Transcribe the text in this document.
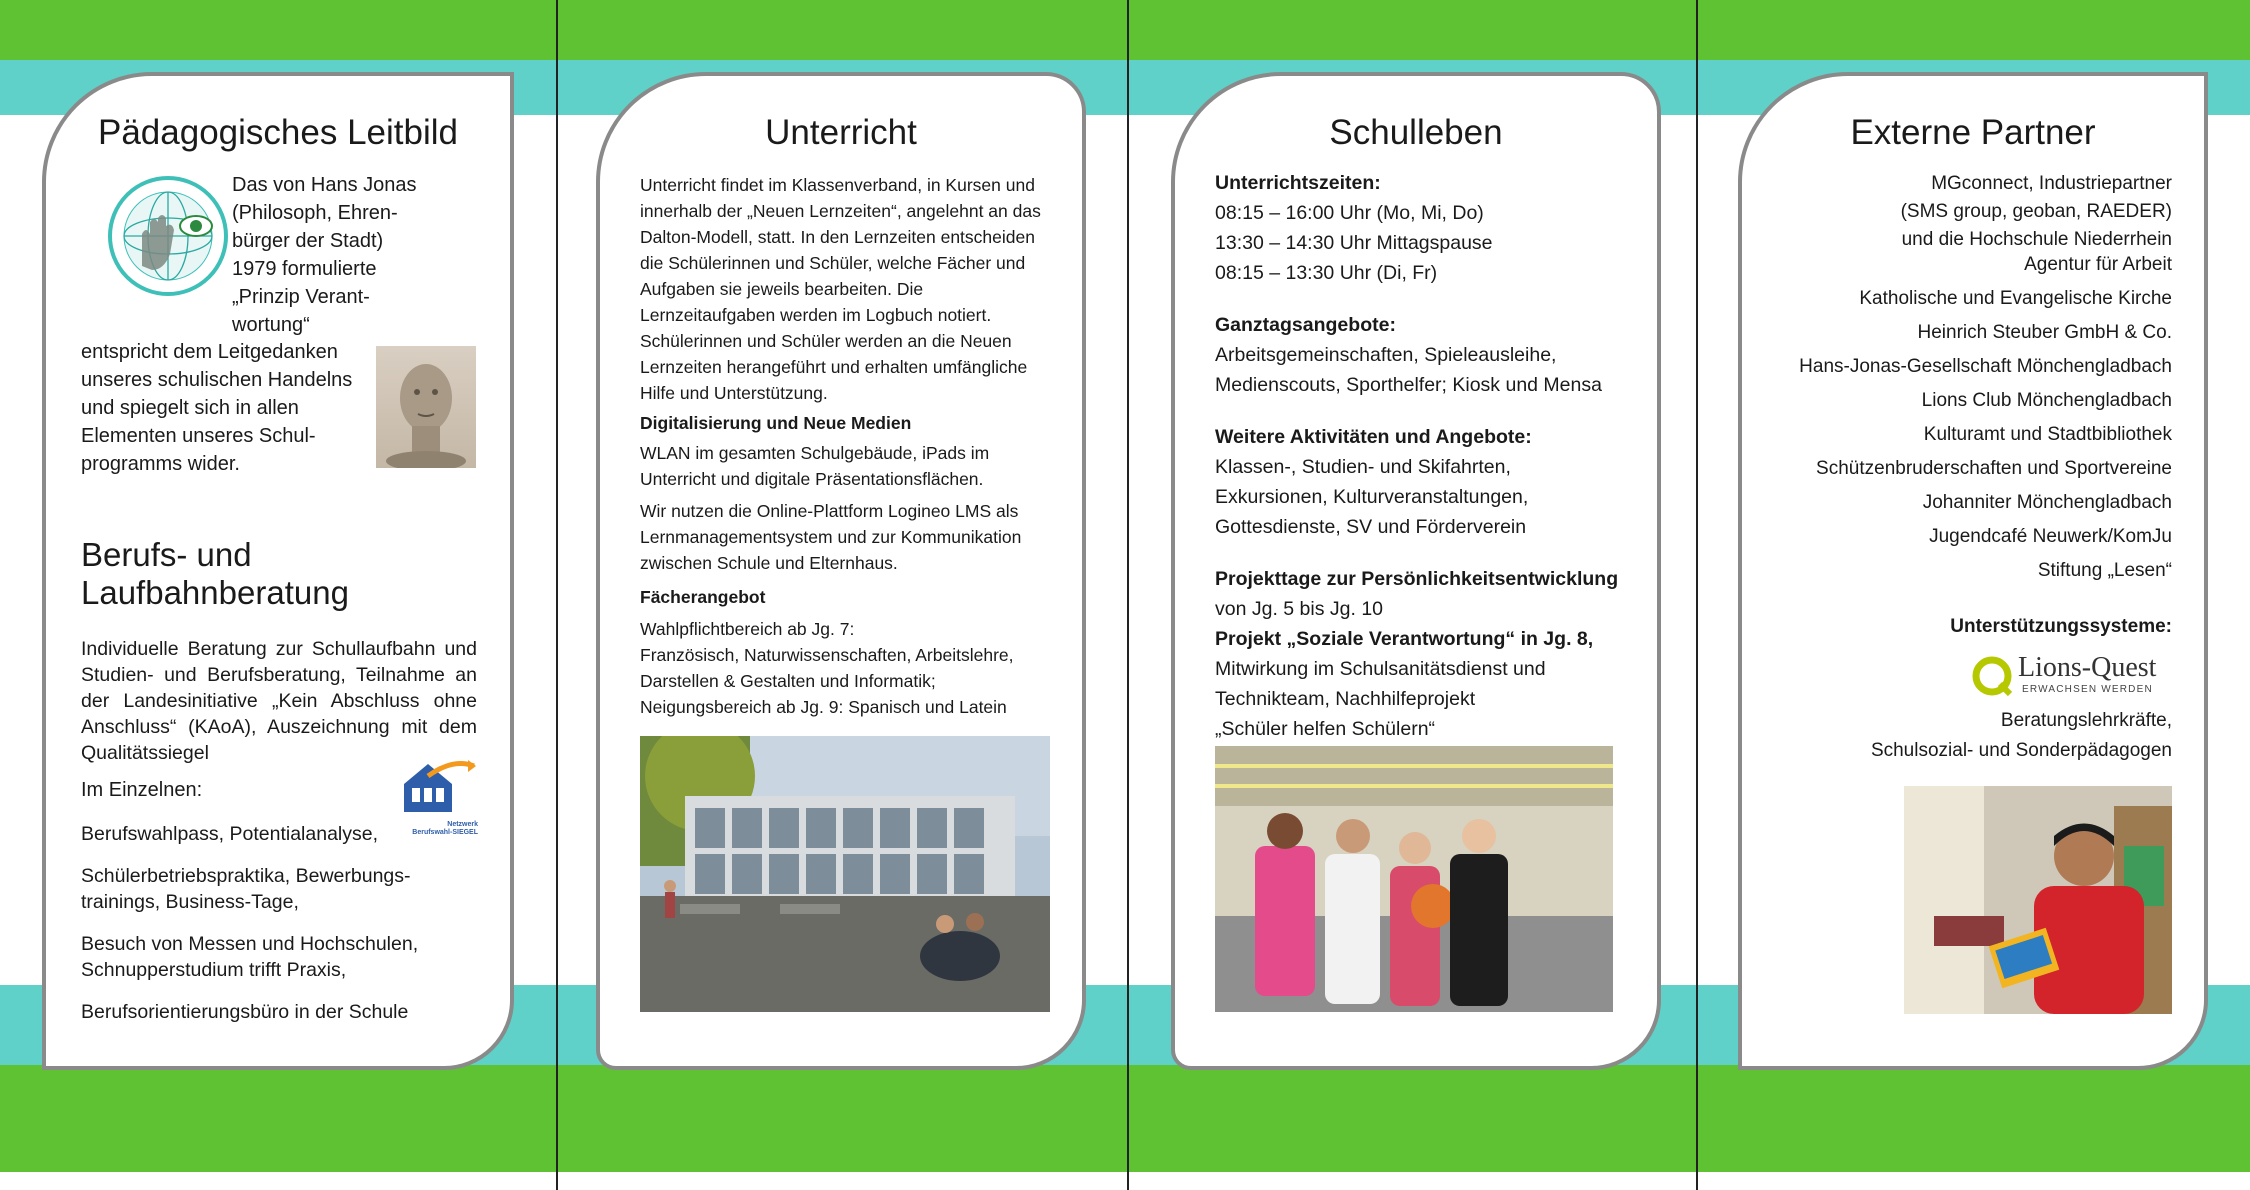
Pädagogisches Leitbild
Das von Hans Jonas
(Philosoph, Ehren-
bürger der Stadt)
1979 formulierte
„Prinzip Verant-
wortung“
entspricht dem Leitgedanken
unseres schulischen Handelns
und spiegelt sich in allen
Elementen unseres Schul-
programms wider.
Berufs- und
Laufbahnberatung
Individuelle Beratung zur Schullaufbahn und Studien- und Berufsberatung, Teilnahme an der Landesinitiative „Kein Abschluss ohne Anschluss“ (KAoA), Auszeichnung mit dem Qualitätssiegel
Im Einzelnen:
Netzwerk
Berufswahl-SIEGEL
Berufswahlpass, Potentialanalyse,
Schülerbetriebspraktika, Bewerbungs-
trainings, Business-Tage,
Besuch von Messen und Hochschulen,
Schnupperstudium trifft Praxis,
Berufsorientierungsbüro in der Schule
Unterricht
Unterricht findet im Klassenverband, in Kursen und innerhalb der „Neuen Lernzeiten“, angelehnt an das Dalton-Modell, statt. In den Lernzeiten entscheiden die Schülerinnen und Schüler, welche Fächer und Aufgaben sie jeweils bearbeiten. Die Lernzeitaufgaben werden im Logbuch notiert. Schülerinnen und Schüler werden an die Neuen Lernzeiten herangeführt und erhalten umfängliche Hilfe und Unterstützung.
Digitalisierung und Neue Medien
WLAN im gesamten Schulgebäude, iPads im Unterricht und digitale Präsentationsflächen.
Wir nutzen die Online-Plattform Logineo LMS als Lernmanagementsystem und zur Kommunikation zwischen Schule und Elternhaus.
Fächerangebot
Wahlpflichtbereich ab Jg. 7:
Französisch, Naturwissenschaften, Arbeitslehre, Darstellen & Gestalten und Informatik;
Neigungsbereich ab Jg. 9: Spanisch und Latein
Schulleben
Unterrichtszeiten:
08:15 – 16:00 Uhr (Mo, Mi, Do)
13:30 – 14:30 Uhr Mittagspause
08:15 – 13:30 Uhr (Di, Fr)
Ganztagsangebote:
Arbeitsgemeinschaften, Spieleausleihe,
Medienscouts, Sporthelfer; Kiosk und Mensa
Weitere Aktivitäten und Angebote:
Klassen-, Studien- und Skifahrten,
Exkursionen, Kulturveranstaltungen,
Gottesdienste, SV und Förderverein
Projekttage zur Persönlichkeitsentwicklung
von Jg. 5 bis Jg. 10
Projekt „Soziale Verantwortung“ in Jg. 8,
Mitwirkung im Schulsanitätsdienst und
Technikteam, Nachhilfeprojekt
„Schüler helfen Schülern“
Externe Partner
MGconnect, Industriepartner
(SMS group, geoban, RAEDER)
und die Hochschule Niederrhein
Agentur für Arbeit
Katholische und Evangelische Kirche
Heinrich Steuber GmbH & Co.
Hans-Jonas-Gesellschaft Mönchengladbach
Lions Club Mönchengladbach
Kulturamt und Stadtbibliothek
Schützenbruderschaften und Sportvereine
Johanniter Mönchengladbach
Jugendcafé Neuwerk/KomJu
Stiftung „Lesen“
Unterstützungssysteme:
Lions-Quest
ERWACHSEN WERDEN
Beratungslehrkräfte,
Schulsozial- und Sonderpädagogen
